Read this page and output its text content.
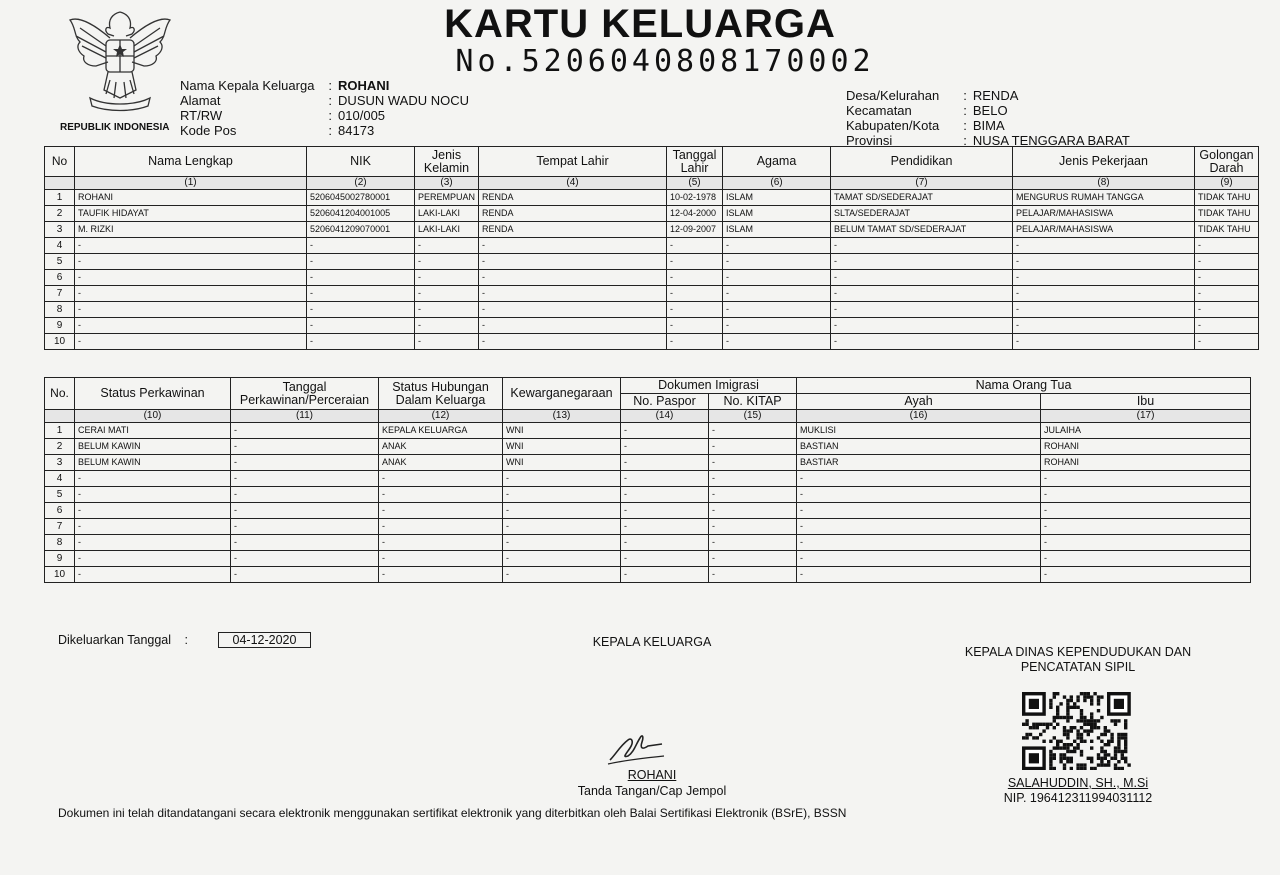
KARTU KELUARGA
No.5206040808170002
REPUBLIK INDONESIA
Nama Kepala Keluarga	:	ROHANI
Alamat	:	DUSUN WADU NOCU
RT/RW	:	010/005
Kode Pos	:	84173
Desa/Kelurahan	:	RENDA
Kecamatan	:	BELO
Kabupaten/Kota	:	BIMA
Provinsi	:	NUSA TENGGARA BARAT
No	Nama Lengkap	NIK	Jenis Kelamin	Tempat Lahir	Tanggal Lahir	Agama	Pendidikan	Jenis Pekerjaan	Golongan Darah
	(1)	(2)	(3)	(4)	(5)	(6)	(7)	(8)	(9)
1	ROHANI	5206045002780001	PEREMPUAN	RENDA	10-02-1978	ISLAM	TAMAT SD/SEDERAJAT	MENGURUS RUMAH TANGGA	TIDAK TAHU
2	TAUFIK HIDAYAT	5206041204001005	LAKI-LAKI	RENDA	12-04-2000	ISLAM	SLTA/SEDERAJAT	PELAJAR/MAHASISWA	TIDAK TAHU
3	M. RIZKI	5206041209070001	LAKI-LAKI	RENDA	12-09-2007	ISLAM	BELUM TAMAT SD/SEDERAJAT	PELAJAR/MAHASISWA	TIDAK TAHU
4	-	-	-	-	-	-	-	-	-
5	-	-	-	-	-	-	-	-	-
6	-	-	-	-	-	-	-	-	-
7	-	-	-	-	-	-	-	-	-
8	-	-	-	-	-	-	-	-	-
9	-	-	-	-	-	-	-	-	-
10	-	-	-	-	-	-	-	-	-
No.	Status Perkawinan	Tanggal Perkawinan/Perceraian	Status Hubungan Dalam Keluarga	Kewarganegaraan	Dokumen Imigrasi		Nama Orang Tua	
					No. Paspor	No. KITAP	Ayah	Ibu
	(10)	(11)	(12)	(13)	(14)	(15)	(16)	(17)
1	CERAI MATI	-	KEPALA KELUARGA	WNI	-	-	MUKLISI	JULAIHA
2	BELUM KAWIN	-	ANAK	WNI	-	-	BASTIAN	ROHANI
3	BELUM KAWIN	-	ANAK	WNI	-	-	BASTIAR	ROHANI
4	-	-	-	-	-	-	-	-
5	-	-	-	-	-	-	-	-
6	-	-	-	-	-	-	-	-
7	-	-	-	-	-	-	-	-
8	-	-	-	-	-	-	-	-
9	-	-	-	-	-	-	-	-
10	-	-	-	-	-	-	-	-
Dikeluarkan Tanggal :	04-12-2020	KEPALA KELUARGA
ROHANI
Tanda Tangan/Cap Jempol
KEPALA DINAS KEPENDUDUKAN DAN
PENCATATAN SIPIL
SALAHUDDIN, SH., M.Si
NIP. 196412311994031112
Dokumen ini telah ditandatangani secara elektronik menggunakan sertifikat elektronik yang diterbitkan oleh Balai Sertifikasi Elektronik (BSrE), BSSN
